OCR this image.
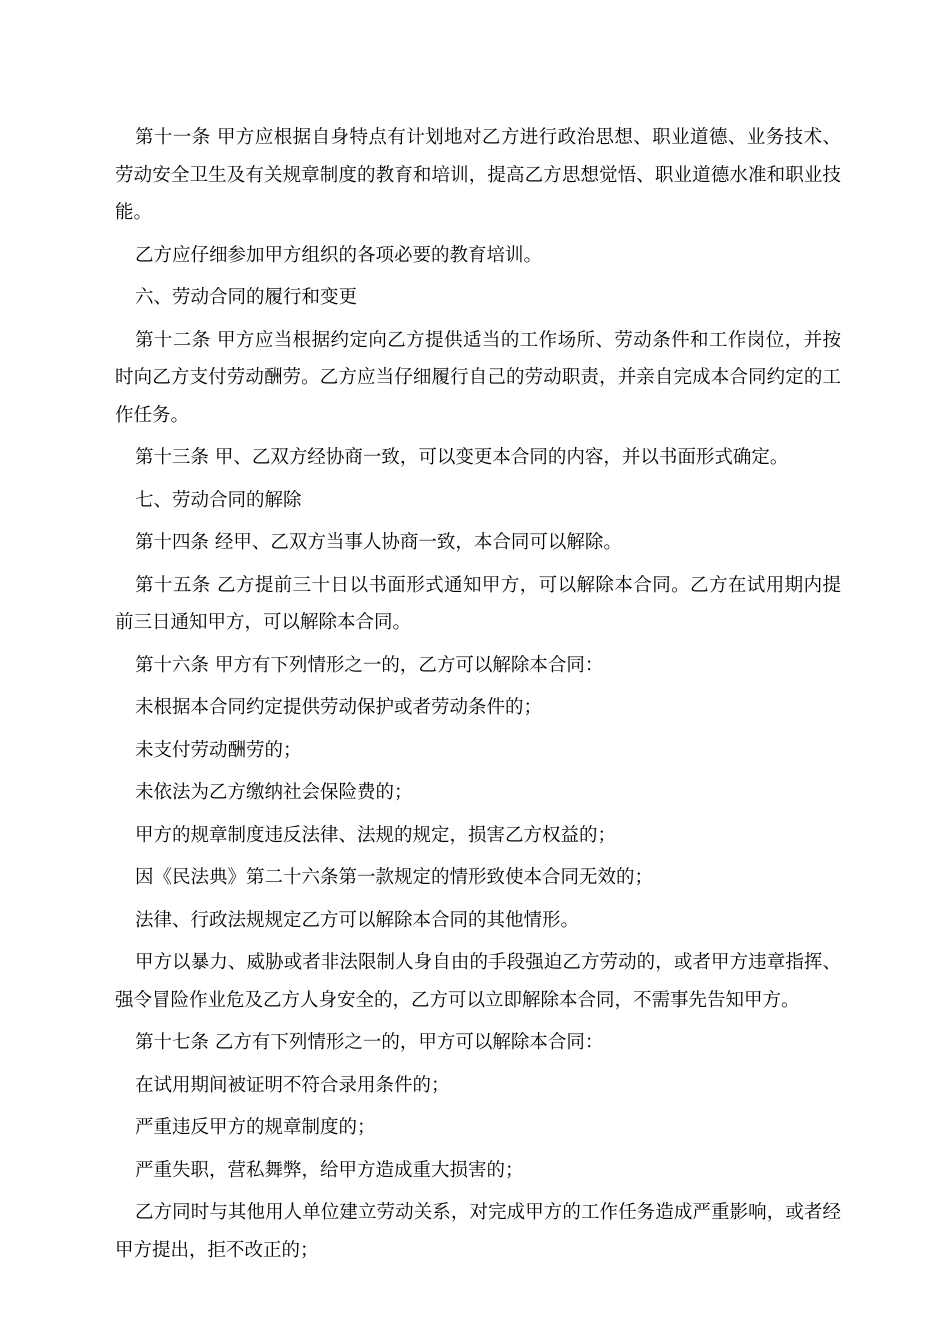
第十一条 甲方应根据自身特点有计划地对乙方进行政治思想、职业道德、业务技术、劳动安全卫生及有关规章制度的教育和培训，提高乙方思想觉悟、职业道德水准和职业技能。

乙方应仔细参加甲方组织的各项必要的教育培训。

六、劳动合同的履行和变更

第十二条 甲方应当根据约定向乙方提供适当的工作场所、劳动条件和工作岗位，并按时向乙方支付劳动酬劳。乙方应当仔细履行自己的劳动职责，并亲自完成本合同约定的工作任务。

第十三条 甲、乙双方经协商一致，可以变更本合同的内容，并以书面形式确定。

七、劳动合同的解除

第十四条 经甲、乙双方当事人协商一致，本合同可以解除。

第十五条 乙方提前三十日以书面形式通知甲方，可以解除本合同。乙方在试用期内提前三日通知甲方，可以解除本合同。

第十六条 甲方有下列情形之一的，乙方可以解除本合同：

未根据本合同约定提供劳动保护或者劳动条件的；

未支付劳动酬劳的；

未依法为乙方缴纳社会保险费的；

甲方的规章制度违反法律、法规的规定，损害乙方权益的；

因《民法典》第二十六条第一款规定的情形致使本合同无效的；

法律、行政法规规定乙方可以解除本合同的其他情形。

甲方以暴力、威胁或者非法限制人身自由的手段强迫乙方劳动的，或者甲方违章指挥、强令冒险作业危及乙方人身安全的，乙方可以立即解除本合同，不需事先告知甲方。

第十七条 乙方有下列情形之一的，甲方可以解除本合同：

在试用期间被证明不符合录用条件的；

严重违反甲方的规章制度的；

严重失职，营私舞弊，给甲方造成重大损害的；

乙方同时与其他用人单位建立劳动关系，对完成甲方的工作任务造成严重影响，或者经甲方提出，拒不改正的；
